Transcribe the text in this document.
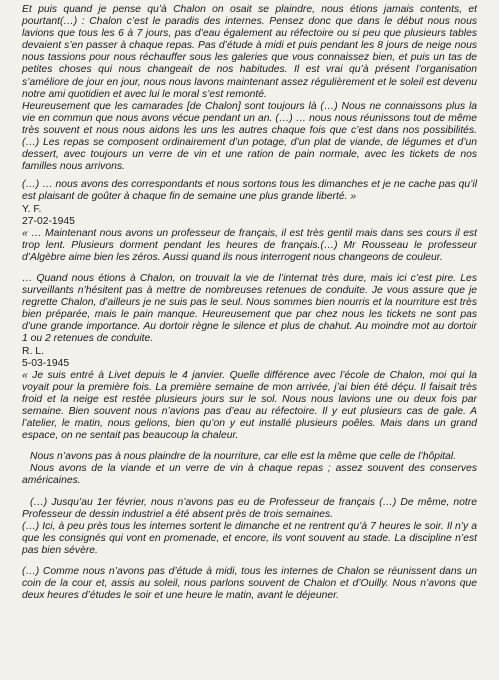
Et puis quand je pense qu’à Chalon on osait se plaindre, nous étions jamais contents, et pourtant(…) : Chalon c’est le paradis des internes. Pensez donc que dans le début nous nous lavions que tous les 6 à 7 jours, pas d’eau également au réfectoire ou si peu que plusieurs tables devaient s’en passer à chaque repas. Pas d’étude à midi et puis pendant les 8 jours de neige nous nous tassions pour nous réchauffer sous les galeries que vous connaissez bien, et puis un tas de petites choses qui nous changeait de nos habitudes. Il est vrai qu’à présent l’organisation s’améliore de jour en jour, nous nous lavons maintenant assez régulièrement et le soleil est devenu notre ami quotidien et avec lui le moral s’est remonté.

Heureusement que les camarades [de Chalon] sont toujours là (…) Nous ne connaissons plus la vie en commun que nous avons vécue pendant un an. (…) … nous nous réunissons tout de même très souvent et nous nous aidons les uns les autres chaque fois que c’est dans nos possibilités. (…) Les repas se composent ordinairement d’un potage, d’un plat de viande, de légumes et d’un dessert, avec toujours un verre de vin et une ration de pain normale, avec les tickets de nos familles nous arrivons.

(…) … nous avons des correspondants et nous sortons tous les dimanches et je ne cache pas qu’il est plaisant de goûter à chaque fin de semaine une plus grande liberté. »

Y. F.

27-02-1945

« … Maintenant nous avons un professeur de français, il est très gentil mais dans ses cours il est trop lent. Plusieurs dorment pendant les heures de français.(…) Mr Rousseau le professeur d’Algèbre aime bien les zéros. Aussi quand ils nous interrogent nous changeons de couleur.

… Quand nous étions à Chalon, on trouvait la vie de l’internat très dure, mais ici c’est pire. Les surveillants n’hésitent pas à mettre de nombreuses retenues de conduite. Je vous assure que je regrette Chalon, d’ailleurs je ne suis pas le seul. Nous sommes bien nourris et la nourriture est très bien préparée, mais le pain manque. Heureusement que par chez nous les tickets ne sont pas d’une grande importance. Au dortoir règne le silence et plus de chahut. Au moindre mot au dortoir 1 ou 2 retenues de conduite.

R. L.

5-03-1945

« Je suis entré à Livet depuis le 4 janvier. Quelle différence avec l’école de Chalon, moi qui la voyait pour la première fois. La première semaine de mon arrivée, j’ai bien été déçu. Il faisait très froid et la neige est restée plusieurs jours sur le sol. Nous nous lavions une ou deux fois par semaine. Bien souvent nous n’avions pas d’eau au réfectoire. Il y eut plusieurs cas de gale. A l’atelier, le matin, nous gelions, bien qu’on y eut installé plusieurs poêles. Mais dans un grand espace, on ne sentait pas beaucoup la chaleur.

Nous n’avons pas à nous plaindre de la nourriture, car elle est la même que celle de l’hôpital.

Nous avons de la viande et un verre de vin à chaque repas ; assez souvent des conserves américaines.

(…) Jusqu’au 1er février, nous n’avons pas eu de Professeur de français (…) De même, notre Professeur de dessin industriel a été absent près de trois semaines.

(…) Ici, à peu près tous les internes sortent le dimanche et ne rentrent qu’à 7 heures le soir. Il n’y a que les consignés qui vont en promenade, et encore, ils vont souvent au stade. La discipline n’est pas bien sévère.

(…) Comme nous n’avons pas d’étude à midi, tous les internes de Chalon se réunissent dans un coin de la cour et, assis au soleil, nous parlons souvent de Chalon et d’Ouilly. Nous n’avons que deux heures d’études le soir et une heure le matin, avant le déjeuner.
